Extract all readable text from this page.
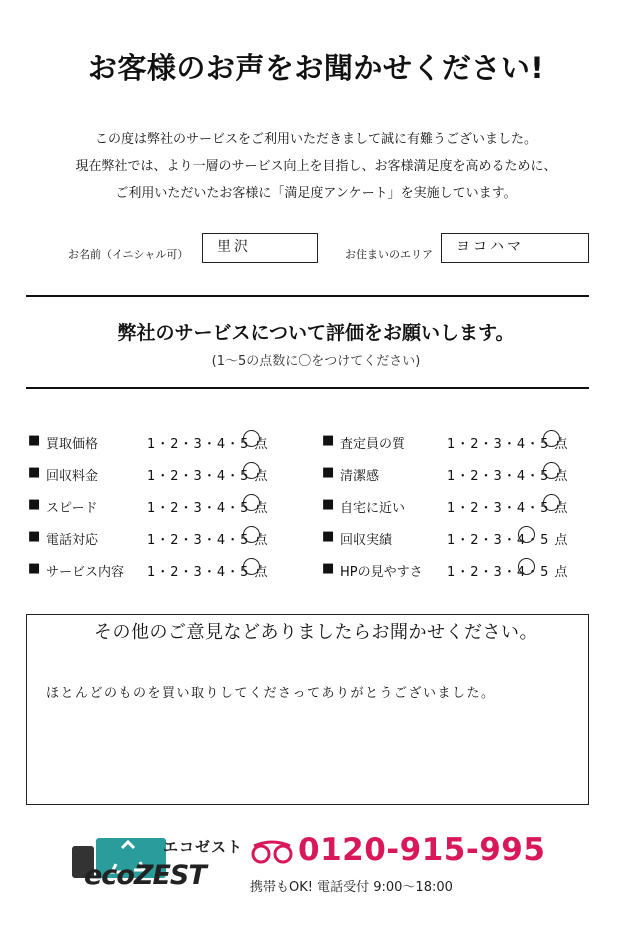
お客様のお声をお聞かせください!
この度は弊社のサービスをご利用いただきまして誠に有難うございました。
現在弊社では、より一層のサービス向上を目指し、お客様満足度を高めるために、
ご利用いただいたお客様に「満足度アンケート」を実施しています。
お名前（イニシャル可）	里沢	お住まいのエリア	ヨコハマ
弊社のサービスについて評価をお願いします。
(1～5の点数に〇をつけてください)
■ 買取価格	1・2・3・4・5 点
■ 回収料金	1・2・3・4・5 点
■ スピード	1・2・3・4・5 点
■ 電話対応	1・2・3・4・5 点
■ サービス内容 1・2・3・4・5 点
■ 査定員の質	1・2・3・4・5 点
■ 清潔感	1・2・3・4・5 点
■ 自宅に近い	1・2・3・4・5 点
■ 回収実績	1・2・3・4・5 点
■ HPの見やすさ 1・2・3・4・5 点
その他のご意見などありましたらお聞かせください。
ほとんどのものを買い取りしてくださってありがとうございました。
エコゼスト
ecoZEST
0120-915-995
携帯もOK! 電話受付 9:00～18:00
